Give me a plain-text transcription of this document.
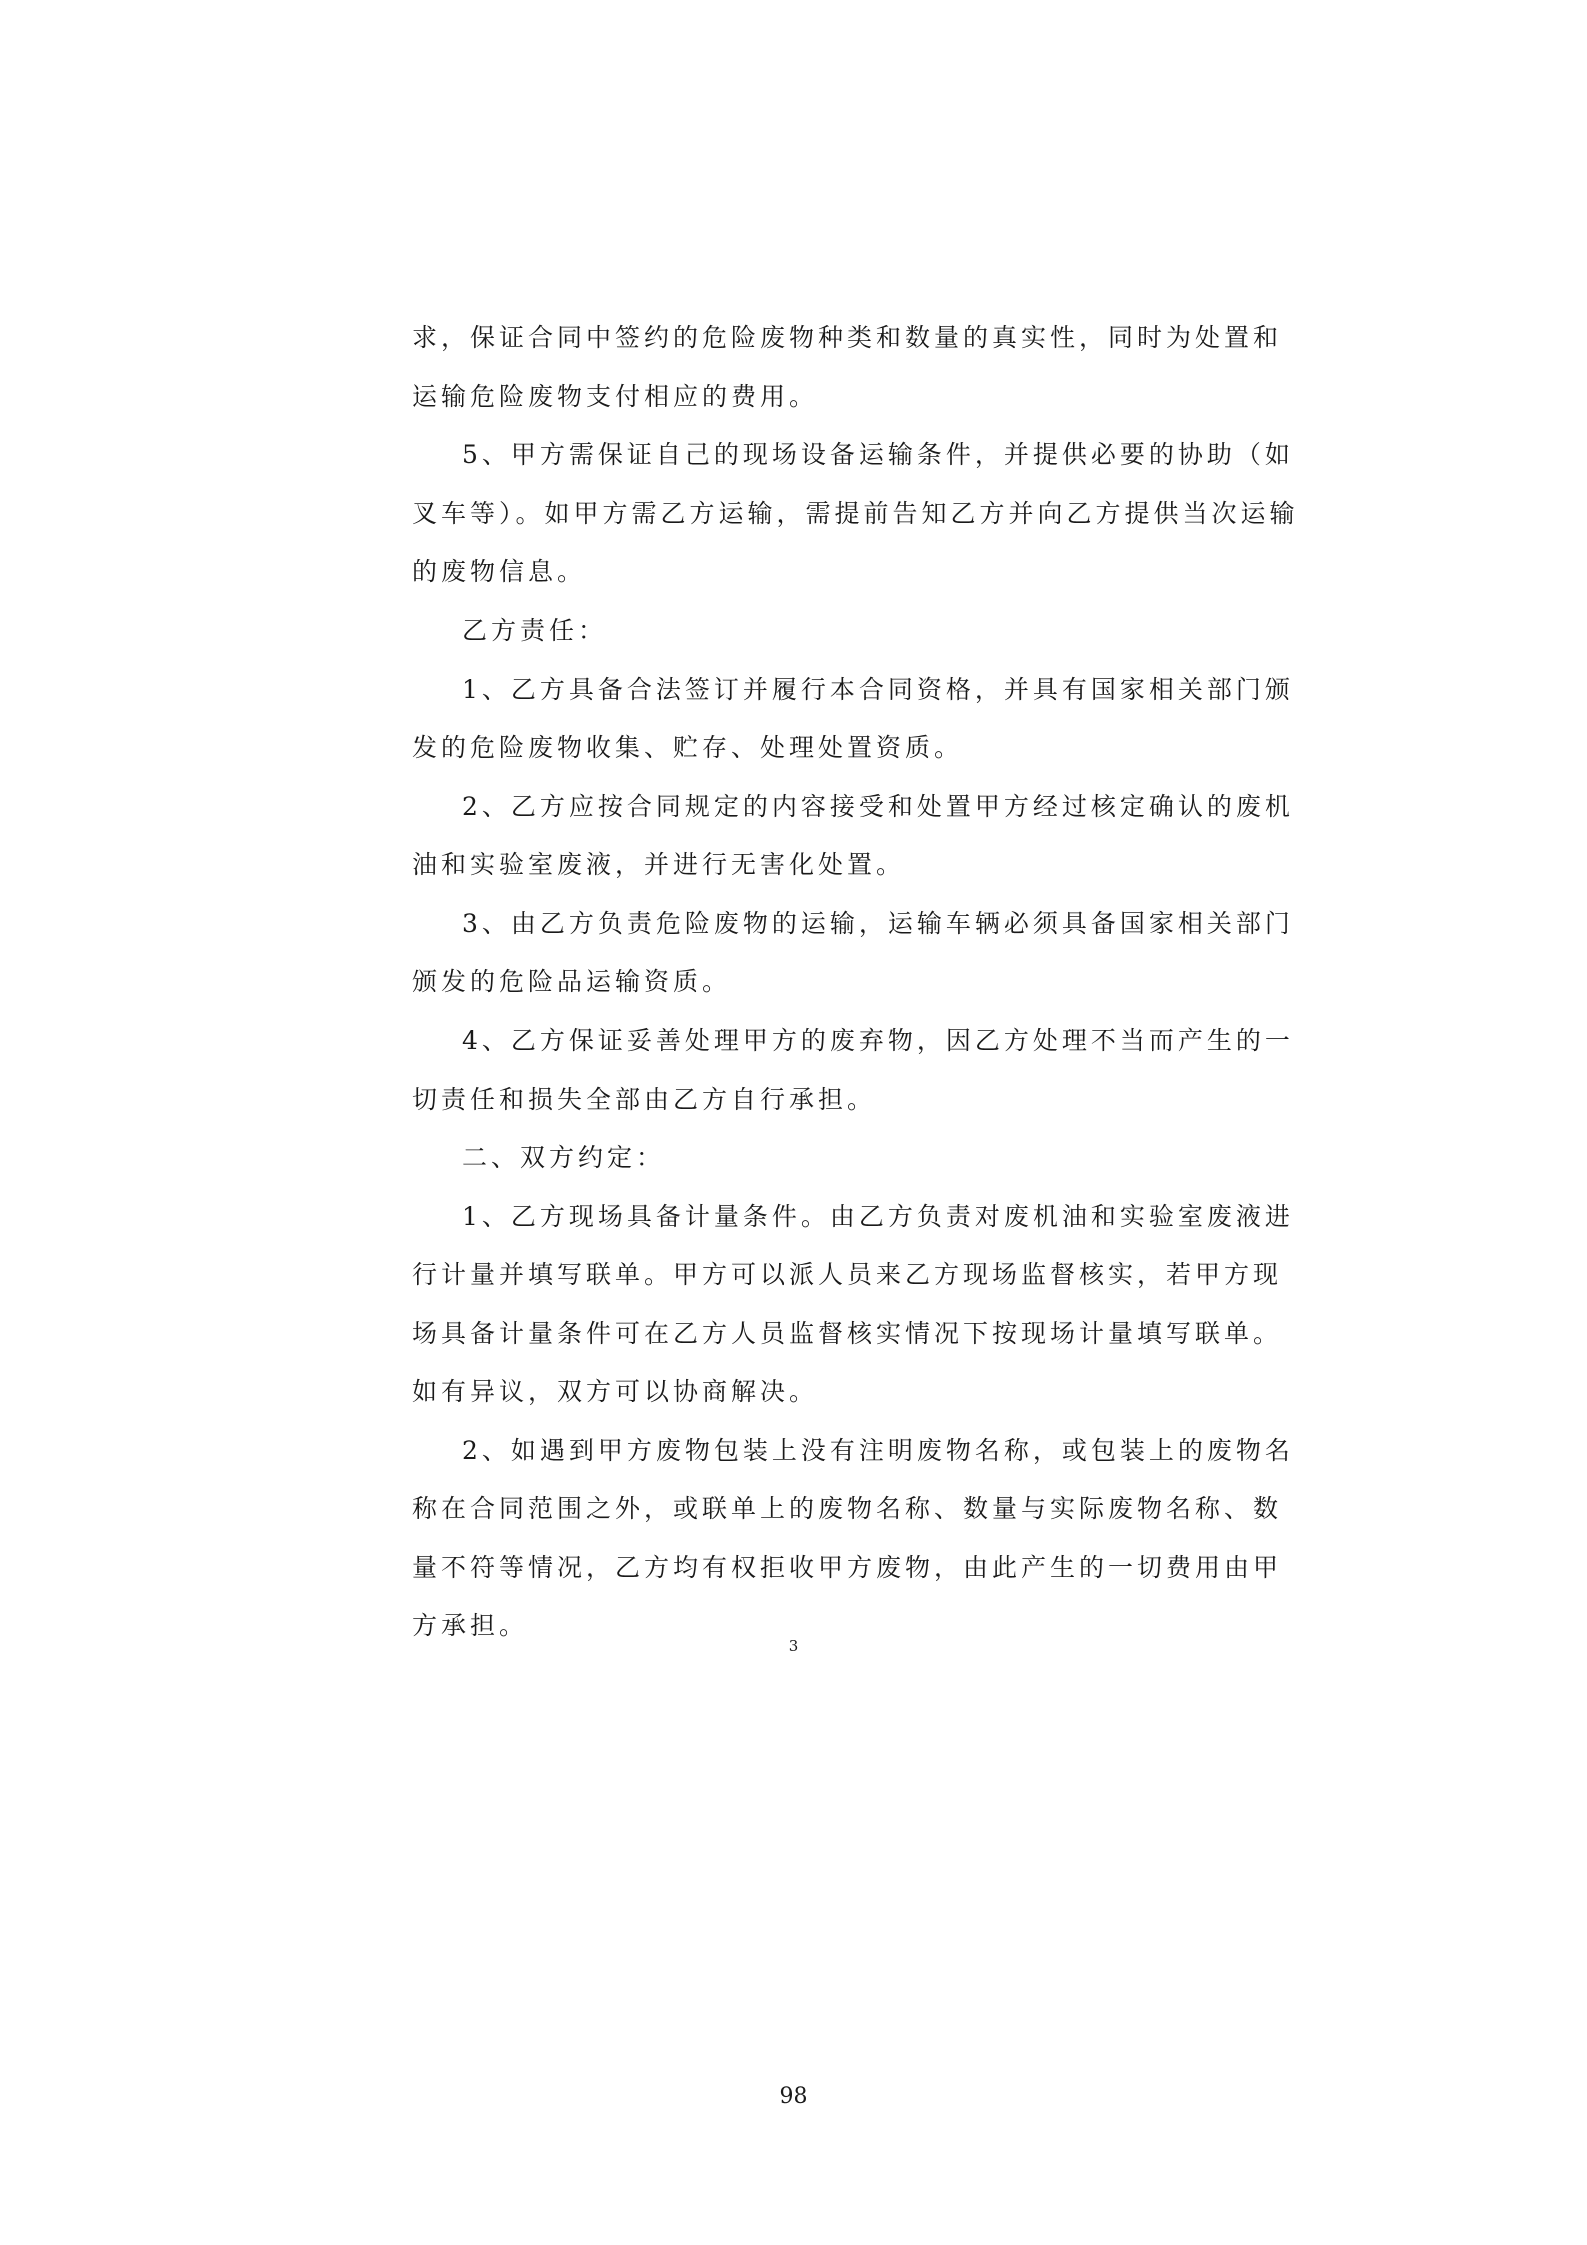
求，保证合同中签约的危险废物种类和数量的真实性，同时为处置和
运输危险废物支付相应的费用。
5、甲方需保证自己的现场设备运输条件，并提供必要的协助（如
叉车等）。如甲方需乙方运输，需提前告知乙方并向乙方提供当次运输
的废物信息。
乙方责任：
1、乙方具备合法签订并履行本合同资格，并具有国家相关部门颁
发的危险废物收集、贮存、处理处置资质。
2、乙方应按合同规定的内容接受和处置甲方经过核定确认的废机
油和实验室废液，并进行无害化处置。
3、由乙方负责危险废物的运输，运输车辆必须具备国家相关部门
颁发的危险品运输资质。
4、乙方保证妥善处理甲方的废弃物，因乙方处理不当而产生的一
切责任和损失全部由乙方自行承担。
二、双方约定：
1、乙方现场具备计量条件。由乙方负责对废机油和实验室废液进
行计量并填写联单。甲方可以派人员来乙方现场监督核实，若甲方现
场具备计量条件可在乙方人员监督核实情况下按现场计量填写联单。
如有异议，双方可以协商解决。
2、如遇到甲方废物包装上没有注明废物名称，或包装上的废物名
称在合同范围之外，或联单上的废物名称、数量与实际废物名称、数
量不符等情况，乙方均有权拒收甲方废物，由此产生的一切费用由甲
方承担。
3
98
